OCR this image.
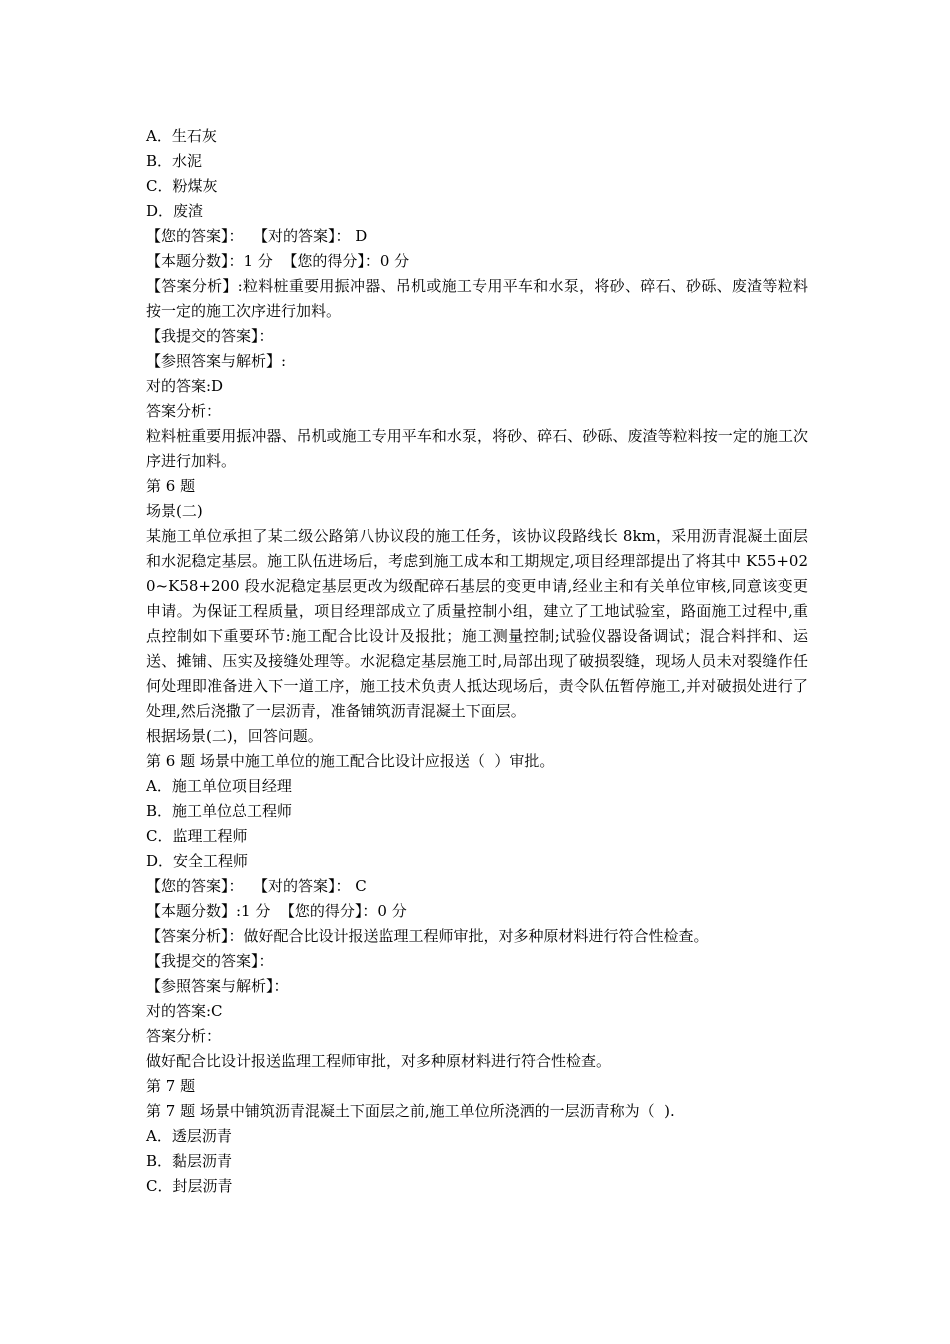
A．生石灰

B．水泥

C．粉煤灰

D．废渣

【您的答案】：  【对的答案】： D

【本题分数】：1 分  【您的得分】：0 分

【答案分析】:粒料桩重要用振冲器、吊机或施工专用平车和水泵，将砂、碎石、砂砾、废渣等粒料按一定的施工次序进行加料。

【我提交的答案】：

【参照答案与解析】:

对的答案:D

答案分析：

粒料桩重要用振冲器、吊机或施工专用平车和水泵，将砂、碎石、砂砾、废渣等粒料按一定的施工次序进行加料。

第 6 题

场景(二)

某施工单位承担了某二级公路第八协议段的施工任务，该协议段路线长 8km，采用沥青混凝土面层和水泥稳定基层。施工队伍进场后，考虑到施工成本和工期规定,项目经理部提出了将其中 K55+020~K58+200 段水泥稳定基层更改为级配碎石基层的变更申请,经业主和有关单位审核,同意该变更申请。为保证工程质量，项目经理部成立了质量控制小组，建立了工地试验室，路面施工过程中,重点控制如下重要环节:施工配合比设计及报批；施工测量控制;试验仪器设备调试；混合料拌和、运送、摊铺、压实及接缝处理等。水泥稳定基层施工时,局部出现了破损裂缝，现场人员未对裂缝作任何处理即准备进入下一道工序，施工技术负责人抵达现场后，责令队伍暂停施工,并对破损处进行了处理,然后浇撒了一层沥青，准备铺筑沥青混凝土下面层。

根据场景(二)，回答问题。

第 6 题 场景中施工单位的施工配合比设计应报送（  ）审批。

A．施工单位项目经理

B．施工单位总工程师

C．监理工程师

D．安全工程师

【您的答案】：  【对的答案】： C

【本题分数】:1 分  【您的得分】：0 分

【答案分析】：做好配合比设计报送监理工程师审批，对多种原材料进行符合性检查。

【我提交的答案】：

【参照答案与解析】：

对的答案:C

答案分析：

做好配合比设计报送监理工程师审批，对多种原材料进行符合性检查。

第 7 题

第 7 题 场景中铺筑沥青混凝土下面层之前,施工单位所浇洒的一层沥青称为（  ).

A．透层沥青

B．黏层沥青

C．封层沥青
